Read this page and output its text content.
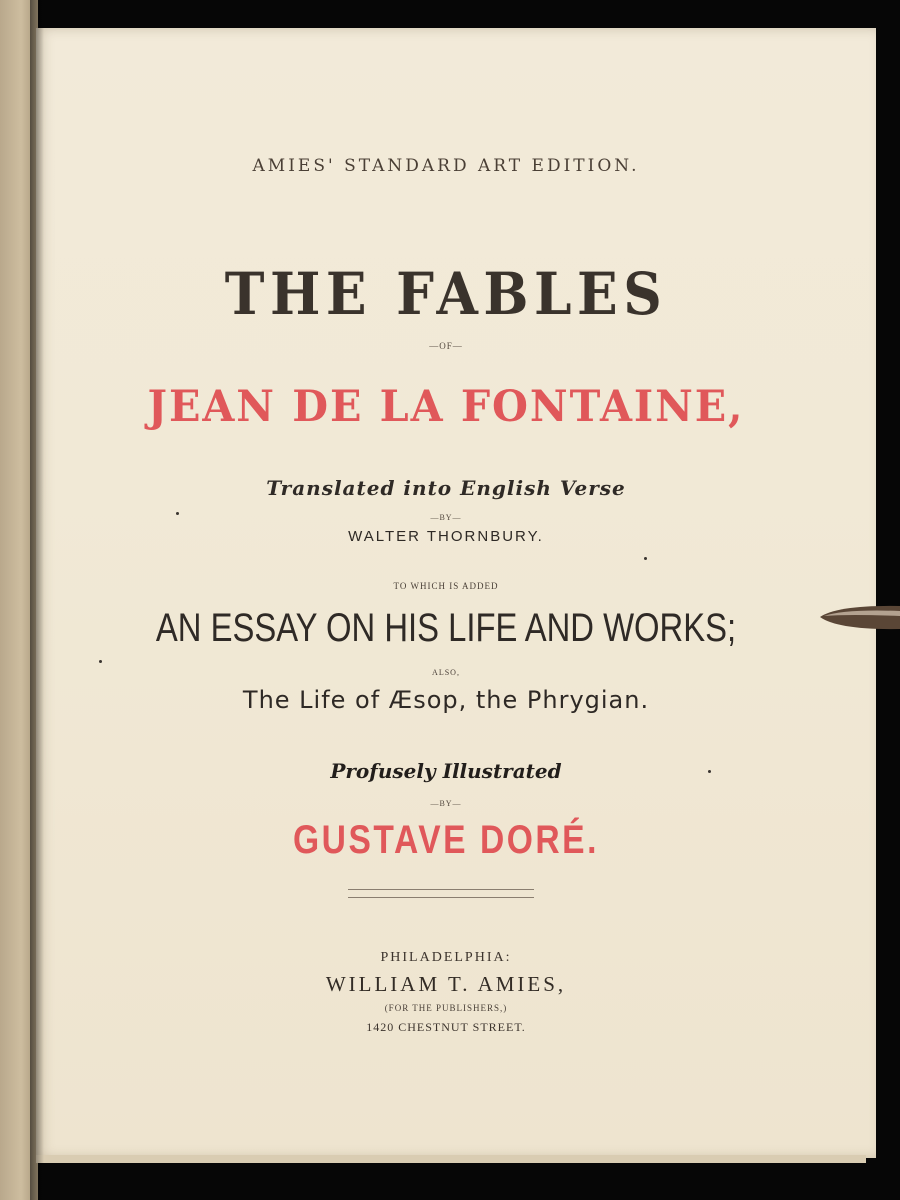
AMIES' STANDARD ART EDITION.

THE FABLES

—OF—

JEAN DE LA FONTAINE,

Translated into English Verse

—BY—

WALTER THORNBURY.

TO WHICH IS ADDED

AN ESSAY ON HIS LIFE AND WORKS;

ALSO,

The Life of Æsop, the Phrygian.

Profusely Illustrated

—BY—

GUSTAVE DORÉ.

PHILADELPHIA:

WILLIAM T. AMIES,

(FOR THE PUBLISHERS,)

1420 CHESTNUT STREET.
